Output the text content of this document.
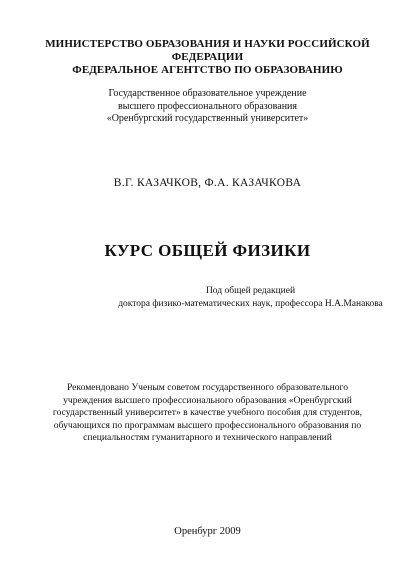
МИНИСТЕРСТВО ОБРАЗОВАНИЯ И НАУКИ РОССИЙСКОЙ
ФЕДЕРАЦИИ
ФЕДЕРАЛЬНОЕ АГЕНТСТВО ПО ОБРАЗОВАНИЮ
Государственное образовательное учреждение
высшего профессионального образования
«Оренбургский государственный университет»
В.Г. КАЗАЧКОВ, Ф.А. КАЗАЧКОВА
КУРС ОБЩЕЙ ФИЗИКИ
Под общей редакцией
доктора физико-математических наук, профессора Н.А.Манакова
Рекомендовано Ученым советом государственного образовательного
учреждения высшего профессионального образования «Оренбургский
государственный университет» в качестве учебного пособия для студентов,
обучающихся по программам высшего профессионального образования по
специальностям гуманитарного и технического направлений
Оренбург 2009
